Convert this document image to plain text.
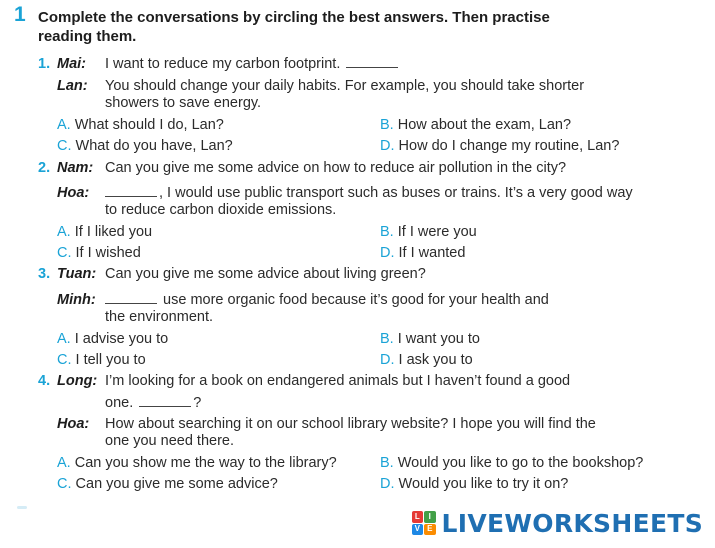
1 Complete the conversations by circling the best answers. Then practise
reading them.
1. Mai: I want to reduce my carbon footprint.
Lan: You should change your daily habits. For example, you should take shorter
showers to save energy.
A. What should I do, Lan?	B. How about the exam, Lan?
C. What do you have, Lan?	D. How do I change my routine, Lan?
2. Nam: Can you give me some advice on how to reduce air pollution in the city?
Hoa:	, I would use public transport such as buses or trains. It’s a very good way
to reduce carbon dioxide emissions.
A. If I liked you	B. If I were you
C. If I wished	D. If I wanted
3. Tuan: Can you give me some advice about living green?
Minh:	use more organic food because it’s good for your health and
the environment.
A. I advise you to	B. I want you to
C. I tell you to	D. I ask you to
4. Long: I’m looking for a book on endangered animals but I haven’t found a good
one.	?
Hoa: How about searching it on our school library website? I hope you will find the
one you need there.
A. Can you show me the way to the library?	B. Would you like to go to the bookshop?
C. Can you give me some advice?	D. Would you like to try it on?
L	I
V E LIVEWORKSHEETS
